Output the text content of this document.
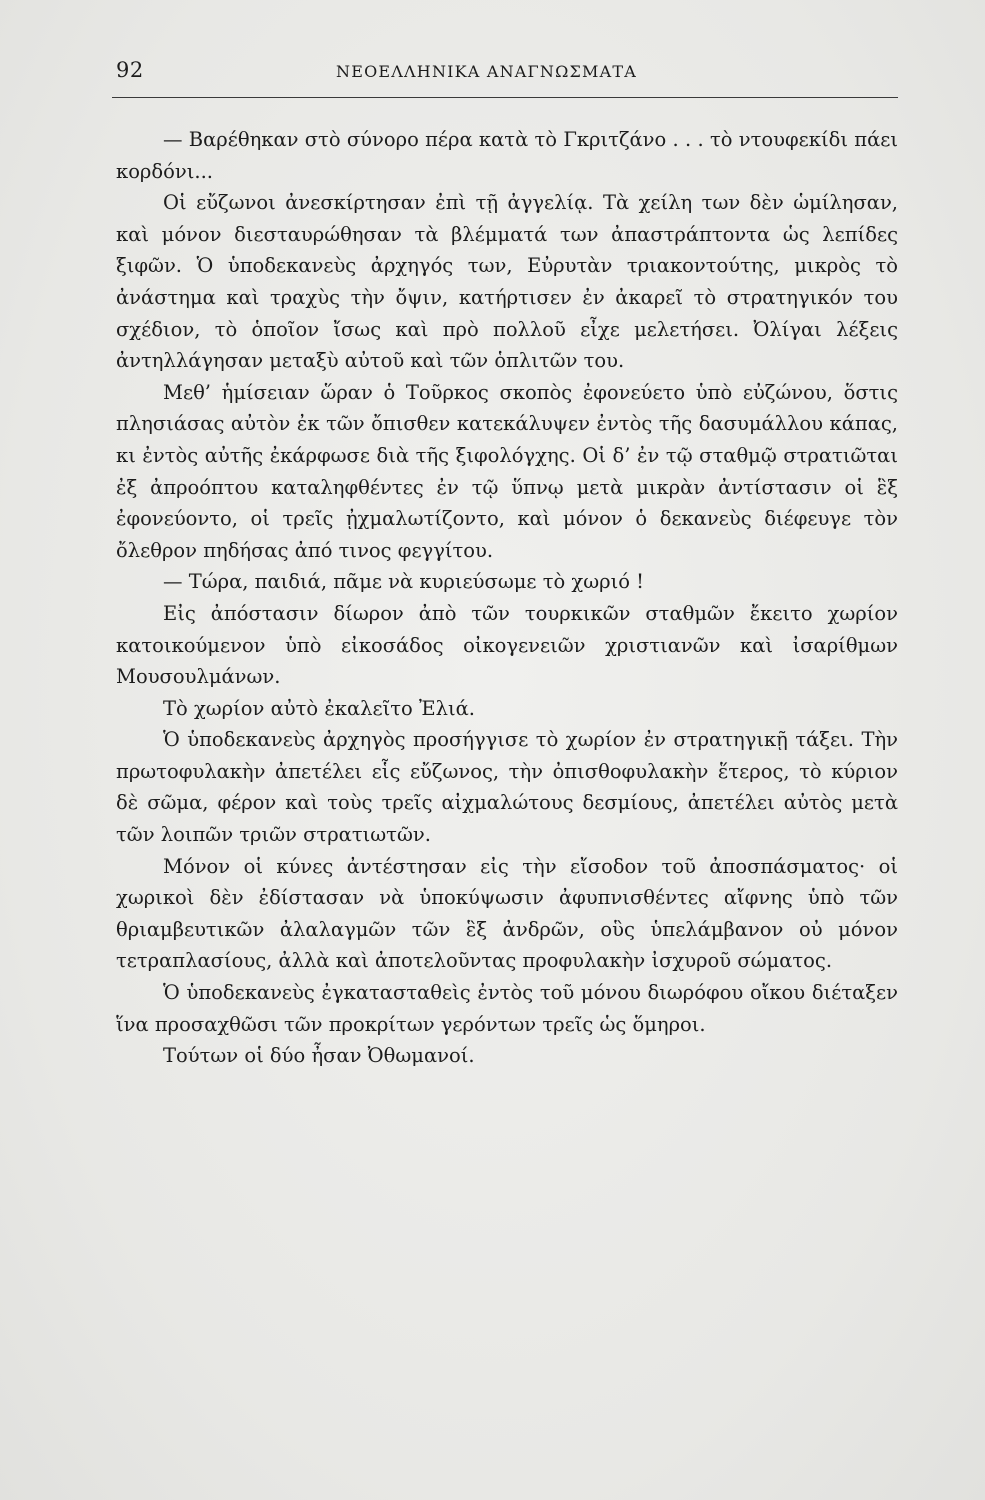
92	ΝΕΟΕΛΛΗΝΙΚΑ ΑΝΑΓΝΩΣΜΑΤΑ

— Βαρέθηκαν στὸ σύνορο πέρα κατὰ τὸ Γκριτζάνο . . . τὸ ντουφεκίδι πάει κορδόνι...

Οἱ εὔζωνοι ἀνεσκίρτησαν ἐπὶ τῇ ἀγγελίᾳ. Τὰ χείλη των δὲν ὡμίλησαν, καὶ μόνον διεσταυρώθησαν τὰ βλέμματά των ἀπαστράπτοντα ὡς λεπίδες ξιφῶν. Ὁ ὑποδεκανεὺς ἀρχηγός των, Εὐρυτὰν τριακοντούτης, μικρὸς τὸ ἀνάστημα καὶ τραχὺς τὴν ὄψιν, κατήρτισεν ἐν ἀκαρεῖ τὸ στρατηγικόν του σχέδιον, τὸ ὁποῖον ἴσως καὶ πρὸ πολλοῦ εἶχε μελετήσει. Ὀλίγαι λέξεις ἀντηλλάγησαν μεταξὺ αὐτοῦ καὶ τῶν ὁπλιτῶν του.

Μεθ’ ἡμίσειαν ὥραν ὁ Τοῦρκος σκοπὸς ἐφονεύετο ὑπὸ εὐζώνου, ὅστις πλησιάσας αὐτὸν ἐκ τῶν ὄπισθεν κατεκάλυψεν ἐντὸς τῆς δασυμάλλου κάπας, κι ἐντὸς αὐτῆς ἐκάρφωσε διὰ τῆς ξιφολόγχης. Οἱ δ’ ἐν τῷ σταθμῷ στρατιῶται ἐξ ἀπροόπτου καταληφθέντες ἐν τῷ ὕπνῳ μετὰ μικρὰν ἀντίστασιν οἱ ἓξ ἐφονεύοντο, οἱ τρεῖς ᾐχμαλωτίζοντο, καὶ μόνον ὁ δεκανεὺς διέφευγε τὸν ὄλεθρον πηδήσας ἀπό τινος φεγγίτου.

— Τώρα, παιδιά, πᾶμε νὰ κυριεύσωμε τὸ χωριό !

Εἰς ἀπόστασιν δίωρον ἀπὸ τῶν τουρκικῶν σταθμῶν ἔκειτο χωρίον κατοικούμενον ὑπὸ εἰκοσάδος οἰκογενειῶν χριστιανῶν καὶ ἰσαρίθμων Μουσουλμάνων.

Τὸ χωρίον αὐτὸ ἐκαλεῖτο Ἐλιά.

Ὁ ὑποδεκανεὺς ἀρχηγὸς προσήγγισε τὸ χωρίον ἐν στρατηγικῇ τάξει. Τὴν πρωτοφυλακὴν ἀπετέλει εἷς εὔζωνος, τὴν ὀπισθοφυλακὴν ἕτερος, τὸ κύριον δὲ σῶμα, φέρον καὶ τοὺς τρεῖς αἰχμαλώτους δεσμίους, ἀπετέλει αὐτὸς μετὰ τῶν λοιπῶν τριῶν στρατιωτῶν.

Μόνον οἱ κύνες ἀντέστησαν εἰς τὴν εἴσοδον τοῦ ἀποσπάσματος· οἱ χωρικοὶ δὲν ἐδίστασαν νὰ ὑποκύψωσιν ἀφυπνισθέντες αἴφνης ὑπὸ τῶν θριαμβευτικῶν ἀλαλαγμῶν τῶν ἓξ ἀνδρῶν, οὓς ὑπελάμβανον οὐ μόνον τετραπλασίους, ἀλλὰ καὶ ἀποτελοῦντας προφυλακὴν ἰσχυροῦ σώματος.

Ὁ ὑποδεκανεὺς ἐγκατασταθεὶς ἐντὸς τοῦ μόνου διωρόφου οἴκου διέταξεν ἵνα προσαχθῶσι τῶν προκρίτων γερόντων τρεῖς ὡς ὅμηροι.

Τούτων οἱ δύο ἦσαν Ὀθωμανοί.
